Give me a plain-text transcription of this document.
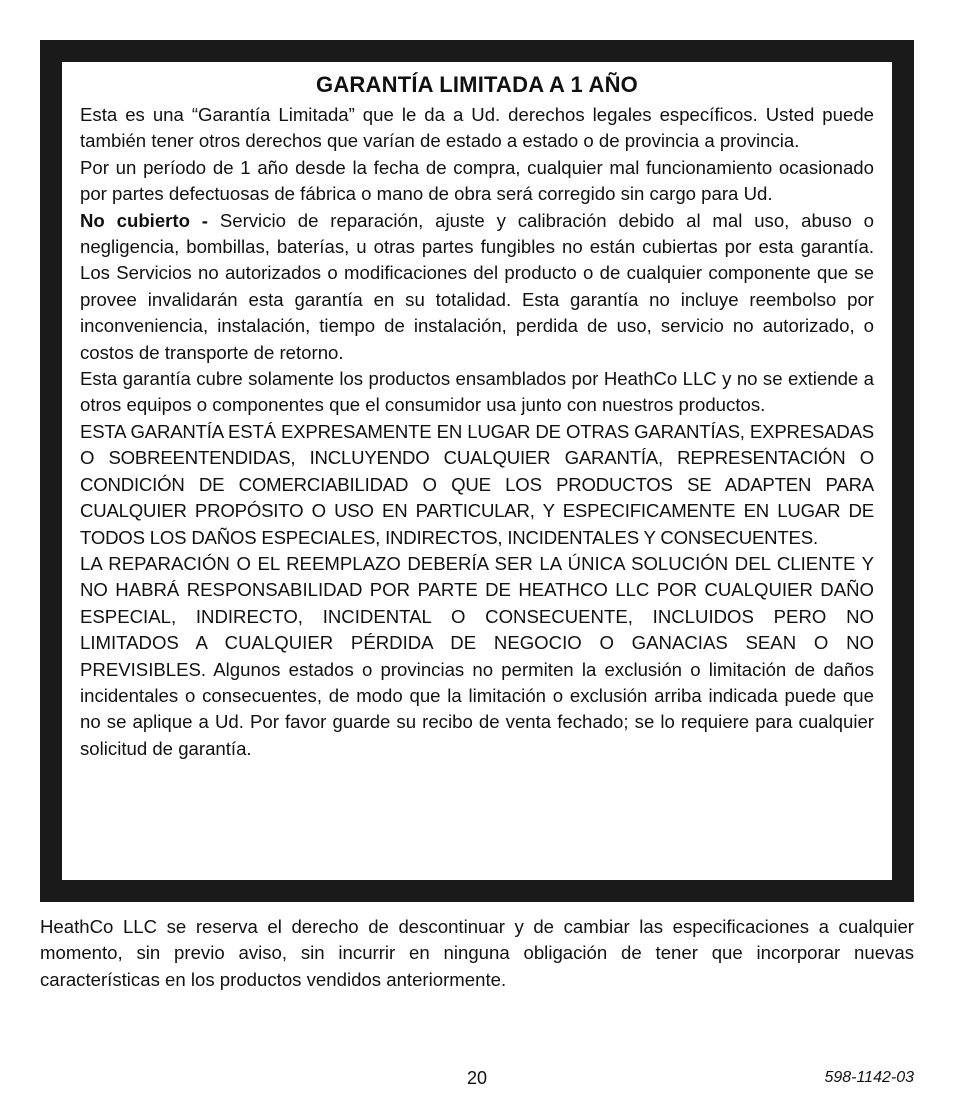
GARANTÍA LIMITADA A 1 AÑO

Esta es una “Garantía Limitada” que le da a Ud. derechos legales específicos. Usted puede también tener otros derechos que varían de estado a estado o de provincia a provincia.

Por un período de 1 año desde la fecha de compra, cualquier mal funcionamiento ocasionado por partes defectuosas de fábrica o mano de obra será corregido sin cargo para Ud.

No cubierto - Servicio de reparación, ajuste y calibración debido al mal uso, abuso o negligencia, bombillas, baterías, u otras partes fungibles no están cubiertas por esta garantía. Los Servicios no autorizados o modificaciones del producto o de cualquier componente que se provee invalidarán esta garantía en su totalidad. Esta garantía no incluye reembolso por inconveniencia, instalación, tiempo de instalación, perdida de uso, servicio no autorizado, o costos de transporte de retorno.

Esta garantía cubre solamente los productos ensamblados por HeathCo LLC y no se extiende a otros equipos o componentes que el consumidor usa junto con nuestros productos.

ESTA GARANTÍA ESTÁ EXPRESAMENTE EN LUGAR DE OTRAS GARANTÍAS, EXPRESADAS O SOBREENTENDIDAS, INCLUYENDO CUALQUIER GARANTÍA, REPRESENTACIÓN O CONDICIÓN DE COMERCIABILIDAD O QUE LOS PRODUCTOS SE ADAPTEN PARA CUALQUIER PROPÓSITO O USO EN PARTICULAR, Y ESPECIFICAMENTE EN LUGAR DE TODOS LOS DAÑOS ESPECIALES, INDIRECTOS, INCIDENTALES Y CONSECUENTES.

LA REPARACIÓN O EL REEMPLAZO DEBERÍA SER LA ÚNICA SOLUCIÓN DEL CLIENTE Y NO HABRÁ RESPONSABILIDAD POR PARTE DE HEATHCO LLC POR CUALQUIER DAÑO ESPECIAL, INDIRECTO, INCIDENTAL O CONSECUENTE, INCLUIDOS PERO NO LIMITADOS A CUALQUIER PÉRDIDA DE NEGOCIO O GANACIAS SEAN O NO PREVISIBLES. Algunos estados o provincias no permiten la exclusión o limitación de daños incidentales o consecuentes, de modo que la limitación o exclusión arriba indicada puede que no se aplique a Ud. Por favor guarde su recibo de venta fechado; se lo requiere para cualquier solicitud de garantía.

HeathCo LLC se reserva el derecho de descontinuar y de cambiar las especificaciones a cualquier momento, sin previo aviso, sin incurrir en ninguna obligación de tener que incorporar nuevas características en los productos vendidos anteriormente.

20	598-1142-03
